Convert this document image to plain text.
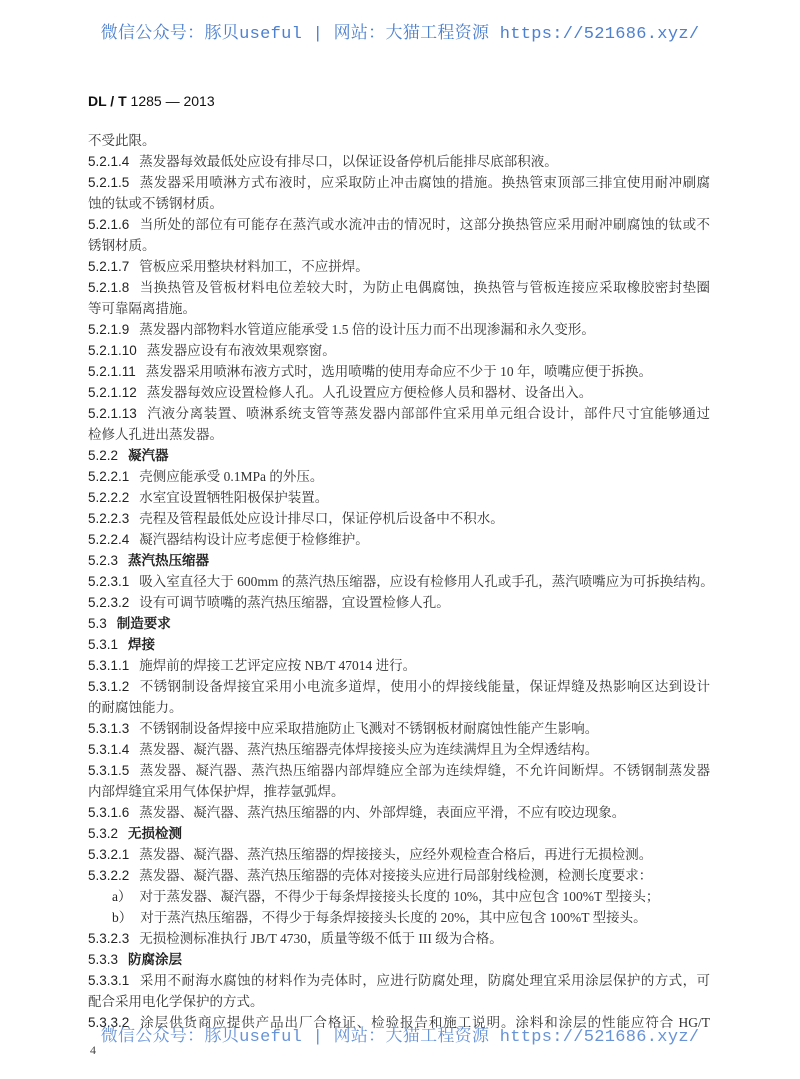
微信公众号：豚贝useful | 网站：大猫工程资源 https://521686.xyz/
DL / T 1285 — 2013
不受此限。
5.2.1.4 蒸发器每效最低处应设有排尽口，以保证设备停机后能排尽底部积液。
5.2.1.5 蒸发器采用喷淋方式布液时，应采取防止冲击腐蚀的措施。换热管束顶部三排宜使用耐冲刷腐
蚀的钛或不锈钢材质。
5.2.1.6 当所处的部位有可能存在蒸汽或水流冲击的情况时，这部分换热管应采用耐冲刷腐蚀的钛或不
锈钢材质。
5.2.1.7 管板应采用整块材料加工，不应拼焊。
5.2.1.8 当换热管及管板材料电位差较大时，为防止电偶腐蚀，换热管与管板连接应采取橡胶密封垫圈
等可靠隔离措施。
5.2.1.9 蒸发器内部物料水管道应能承受 1.5 倍的设计压力而不出现渗漏和永久变形。
5.2.1.10 蒸发器应设有布液效果观察窗。
5.2.1.11 蒸发器采用喷淋布液方式时，选用喷嘴的使用寿命应不少于 10 年，喷嘴应便于拆换。
5.2.1.12 蒸发器每效应设置检修人孔。人孔设置应方便检修人员和器材、设备出入。
5.2.1.13 汽液分离装置、喷淋系统支管等蒸发器内部部件宜采用单元组合设计，部件尺寸宜能够通过
检修人孔进出蒸发器。
5.2.2 凝汽器
5.2.2.1 壳侧应能承受 0.1MPa 的外压。
5.2.2.2 水室宜设置牺牲阳极保护装置。
5.2.2.3 壳程及管程最低处应设计排尽口，保证停机后设备中不积水。
5.2.2.4 凝汽器结构设计应考虑便于检修维护。
5.2.3 蒸汽热压缩器
5.2.3.1 吸入室直径大于 600mm 的蒸汽热压缩器，应设有检修用人孔或手孔，蒸汽喷嘴应为可拆换结构。
5.2.3.2 设有可调节喷嘴的蒸汽热压缩器，宜设置检修人孔。
5.3 制造要求
5.3.1 焊接
5.3.1.1 施焊前的焊接工艺评定应按 NB/T 47014 进行。
5.3.1.2 不锈钢制设备焊接宜采用小电流多道焊，使用小的焊接线能量，保证焊缝及热影响区达到设计
的耐腐蚀能力。
5.3.1.3 不锈钢制设备焊接中应采取措施防止飞溅对不锈钢板材耐腐蚀性能产生影响。
5.3.1.4 蒸发器、凝汽器、蒸汽热压缩器壳体焊接接头应为连续满焊且为全焊透结构。
5.3.1.5 蒸发器、凝汽器、蒸汽热压缩器内部焊缝应全部为连续焊缝，不允许间断焊。不锈钢制蒸发器
内部焊缝宜采用气体保护焊，推荐氩弧焊。
5.3.1.6 蒸发器、凝汽器、蒸汽热压缩器的内、外部焊缝，表面应平滑，不应有咬边现象。
5.3.2 无损检测
5.3.2.1 蒸发器、凝汽器、蒸汽热压缩器的焊接接头，应经外观检查合格后，再进行无损检测。
5.3.2.2 蒸发器、凝汽器、蒸汽热压缩器的壳体对接接头应进行局部射线检测，检测长度要求：
a） 对于蒸发器、凝汽器，不得少于每条焊接接头长度的 10%，其中应包含 100%T 型接头；
b） 对于蒸汽热压缩器，不得少于每条焊接接头长度的 20%，其中应包含 100%T 型接头。
5.3.2.3 无损检测标准执行 JB/T 4730，质量等级不低于 III 级为合格。
5.3.3 防腐涂层
5.3.3.1 采用不耐海水腐蚀的材料作为壳体时，应进行防腐处理，防腐处理宜采用涂层保护的方式，可
配合采用电化学保护的方式。
5.3.3.2 涂层供货商应提供产品出厂合格证、检验报告和施工说明。涂料和涂层的性能应符合 HG/T
微信公众号：豚贝useful | 网站：大猫工程资源 https://521686.xyz/
4
